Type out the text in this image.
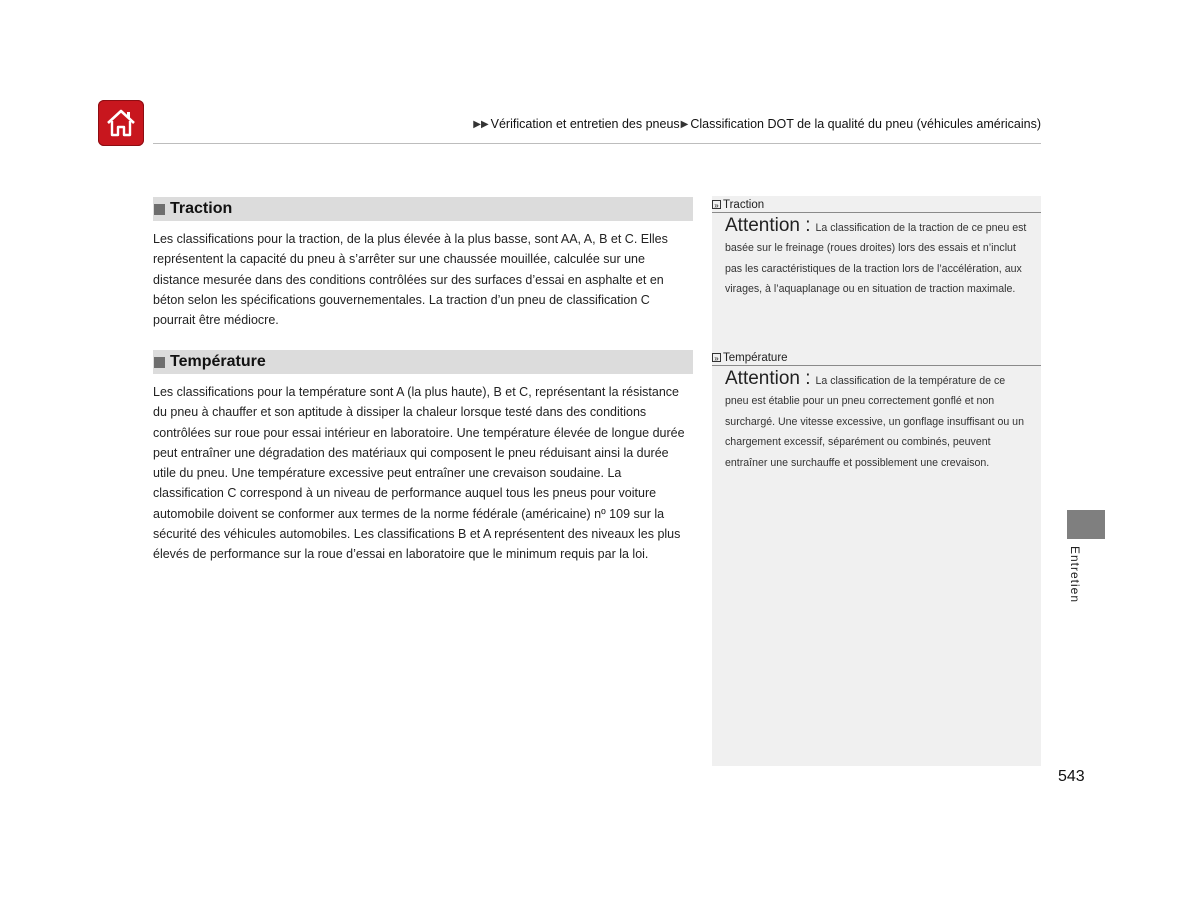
▶▶ Vérification et entretien des pneus ▶ Classification DOT de la qualité du pneu (véhicules américains)
Traction

Les classifications pour la traction, de la plus élevée à la plus basse, sont AA, A, B et C. Elles représentent la capacité du pneu à s’arrêter sur une chaussée mouillée, calculée sur une distance mesurée dans des conditions contrôlées sur des surfaces d’essai en asphalte et en béton selon les spécifications gouvernementales. La traction d’un pneu de classification C pourrait être médiocre.

Température

Les classifications pour la température sont A (la plus haute), B et C, représentant la résistance du pneu à chauffer et son aptitude à dissiper la chaleur lorsque testé dans des conditions contrôlées sur roue pour essai intérieur en laboratoire. Une température élevée de longue durée peut entraîner une dégradation des matériaux qui composent le pneu réduisant ainsi la durée utile du pneu. Une température excessive peut entraîner une crevaison soudaine. La classification C correspond à un niveau de performance auquel tous les pneus pour voiture automobile doivent se conformer aux termes de la norme fédérale (américaine) nº 109 sur la sécurité des véhicules automobiles. Les classifications B et A représentent des niveaux les plus élevés de performance sur la roue d’essai en laboratoire que le minimum requis par la loi.

» Traction
Attention : La classification de la traction de ce pneu est basée sur le freinage (roues droites) lors des essais et n’inclut pas les caractéristiques de la traction lors de l’accélération, aux virages, à l’aquaplanage ou en situation de traction maximale.
» Température
Attention : La classification de la température de ce pneu est établie pour un pneu correctement gonflé et non surchargé. Une vitesse excessive, un gonflage insuffisant ou un chargement excessif, séparément ou combinés, peuvent entraîner une surchauffe et possiblement une crevaison.
543
Entretien
